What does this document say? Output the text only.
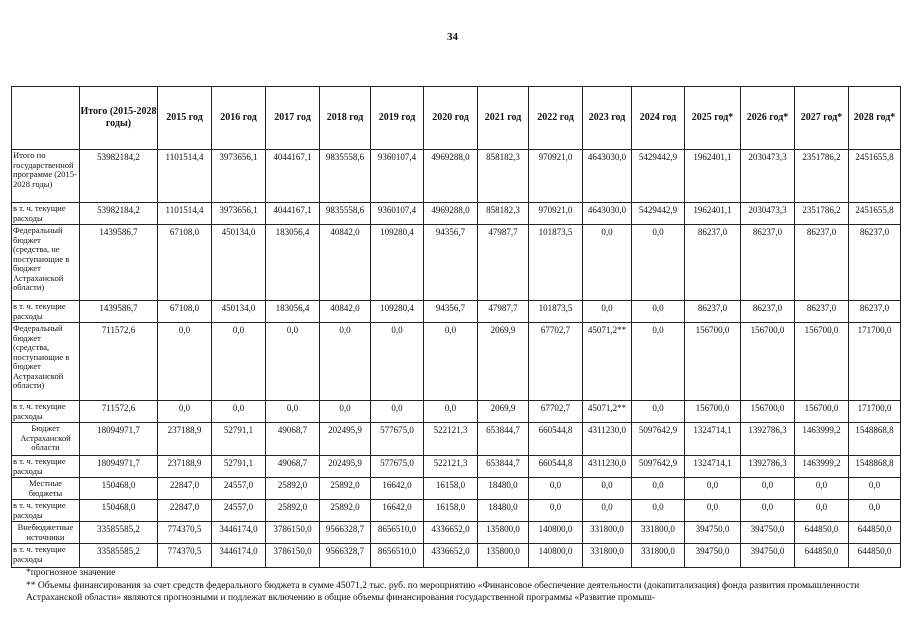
34
	Итого (2015-2028 годы)	2015 год	2016 год	2017 год	2018 год	2019 год	2020 год	2021 год	2022 год	2023 год	2024 год	2025 год*	2026 год*	2027 год*	2028 год*
Итого по государственной программе (2015-2028 годы)	53982184,2	1101514,4	3973656,1	4044167,1	9835558,6	9360107,4	4969288,0	858182,3	970921,0	4643030,0	5429442,9	1962401,1	2030473,3	2351786,2	2451655,8
в т. ч. текущие расходы	53982184,2	1101514,4	3973656,1	4044167,1	9835558,6	9360107,4	4969288,0	858182,3	970921,0	4643030,0	5429442,9	1962401,1	2030473,3	2351786,2	2451655,8
Федеральный бюджет (средства, не поступающие в бюджет Астраханской области)	1439586,7	67108,0	450134,0	183056,4	40842,0	109280,4	94356,7	47987,7	101873,5	0,0	0,0	86237,0	86237,0	86237,0	86237,0
в т. ч. текущие расходы	1439586,7	67108,0	450134,0	183056,4	40842,0	109280,4	94356,7	47987,7	101873,5	0,0	0,0	86237,0	86237,0	86237,0	86237,0
Федеральный бюджет (средства, поступающие в бюджет Астраханской области)	711572,6	0,0	0,0	0,0	0,0	0,0	0,0	2069,9	67702,7	45071,2**	0,0	156700,0	156700,0	156700,0	171700,0
в т. ч. текущие расходы	711572,6	0,0	0,0	0,0	0,0	0,0	0,0	2069,9	67702,7	45071,2**	0,0	156700,0	156700,0	156700,0	171700,0
Бюджет Астраханской области	18094971,7	237188,9	52791,1	49068,7	202495,9	577675,0	522121,3	653844,7	660544,8	4311230,0	5097642,9	1324714,1	1392786,3	1463999,2	1548868,8
в т. ч. текущие расходы	18094971,7	237188,9	52791,1	49068,7	202495,9	577675,0	522121,3	653844,7	660544,8	4311230,0	5097642,9	1324714,1	1392786,3	1463999,2	1548868,8
Местные бюджеты	150468,0	22847,0	24557,0	25892,0	25892,0	16642,0	16158,0	18480,0	0,0	0,0	0,0	0,0	0,0	0,0	0,0
в т. ч. текущие расходы	150468,0	22847,0	24557,0	25892,0	25892,0	16642,0	16158,0	18480,0	0,0	0,0	0,0	0,0	0,0	0,0	0,0
Внебюджетные источники	33585585,2	774370,5	3446174,0	3786150,0	9566328,7	8656510,0	4336652,0	135800,0	140800,0	331800,0	331800,0	394750,0	394750,0	644850,0	644850,0
в т. ч. текущие расходы	33585585,2	774370,5	3446174,0	3786150,0	9566328,7	8656510,0	4336652,0	135800,0	140800,0	331800,0	331800,0	394750,0	394750,0	644850,0	644850,0

*прогнозное значение

** Объемы финансирования за счет средств федерального бюджета в сумме 45071,2 тыс. руб. по мероприятию «Финансовое обеспечение деятельности (докапитализация) фонда развития промышленности Астраханской области» являются прогнозными и подлежат включению в общие объемы финансирования государственной программы «Развитие промыш-
